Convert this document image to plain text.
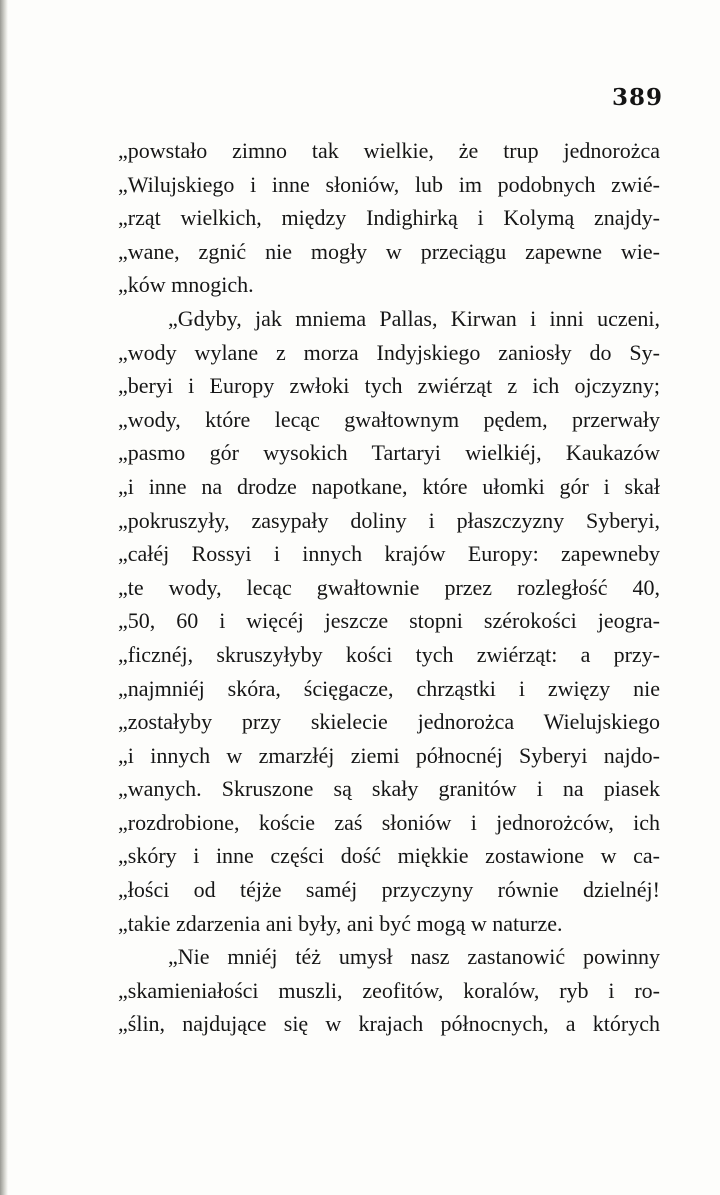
389
„powstało zimno tak wielkie, że trup jednorożca
„Wilujskiego i inne słoniów, lub im podobnych zwié-
„rząt wielkich, między Indighirką i Kolymą znajdy-
„wane, zgnić nie mogły w przeciągu zapewne wie-
„ków mnogich.
„Gdyby, jak mniema Pallas, Kirwan i inni uczeni,
„wody wylane z morza Indyjskiego zaniosły do Sy-
„beryi i Europy zwłoki tych zwiérząt z ich ojczyzny;
„wody, które lecąc gwałtownym pędem, przerwały
„pasmo gór wysokich Tartaryi wielkiéj, Kaukazów
„i inne na drodze napotkane, które ułomki gór i skał
„pokruszyły, zasypały doliny i płaszczyzny Syberyi,
„całéj Rossyi i innych krajów Europy: zapewneby
„te wody, lecąc gwałtownie przez rozległość 40,
„50, 60 i więcéj jeszcze stopni szérokości jeogra-
„ficznéj, skruszyłyby kości tych zwiérząt: a przy-
„najmniéj skóra, ścięgacze, chrząstki i zwięzy nie
„zostałyby przy skielecie jednorożca Wielujskiego
„i innych w zmarzłéj ziemi północnéj Syberyi najdo-
„wanych. Skruszone są skały granitów i na piasek
„rozdrobione, koście zaś słoniów i jednorożców, ich
„skóry i inne części dość miękkie zostawione w ca-
„łości od téjże saméj przyczyny równie dzielnéj!
„takie zdarzenia ani były, ani być mogą w naturze.
„Nie mniéj téż umysł nasz zastanowić powinny
„skamieniałości muszli, zeofitów, koralów, ryb i ro-
„ślin, najdujące się w krajach północnych, a których
